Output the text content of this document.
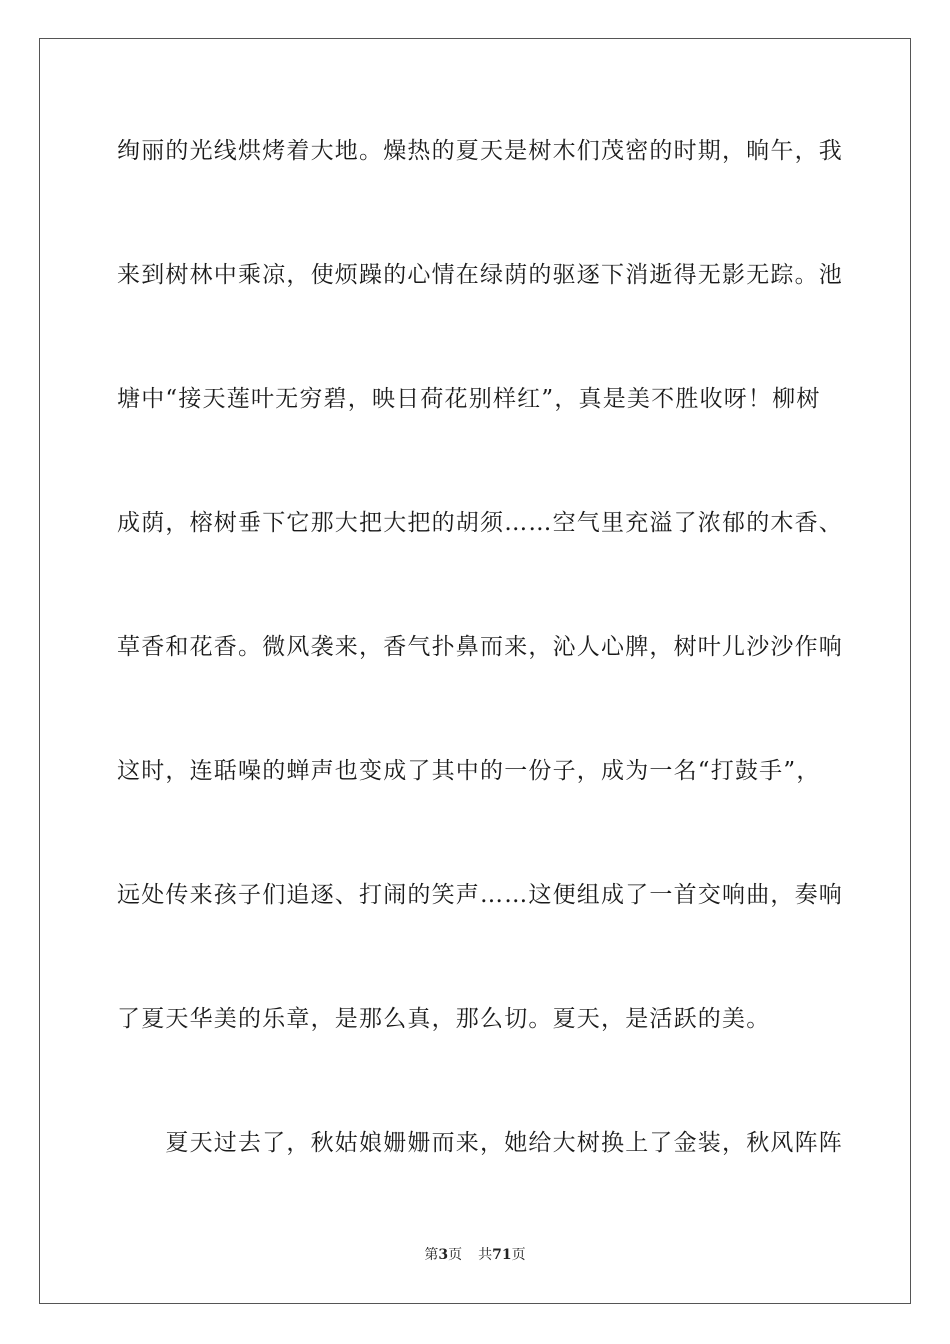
绚丽的光线烘烤着大地。燥热的夏天是树木们茂密的时期，晌午，我
来到树林中乘凉，使烦躁的心情在绿荫的驱逐下消逝得无影无踪。池
塘中“接天莲叶无穷碧，映日荷花别样红”，真是美不胜收呀！柳树
成荫，榕树垂下它那大把大把的胡须……空气里充溢了浓郁的木香、
草香和花香。微风袭来，香气扑鼻而来，沁人心脾，树叶儿沙沙作响
这时，连聒噪的蝉声也变成了其中的一份子，成为一名“打鼓手”，
远处传来孩子们追逐、打闹的笑声……这便组成了一首交响曲，奏响
了夏天华美的乐章，是那么真，那么切。夏天，是活跃的美。
　　夏天过去了，秋姑娘姗姗而来，她给大树换上了金装，秋风阵阵
第3页 共71页
